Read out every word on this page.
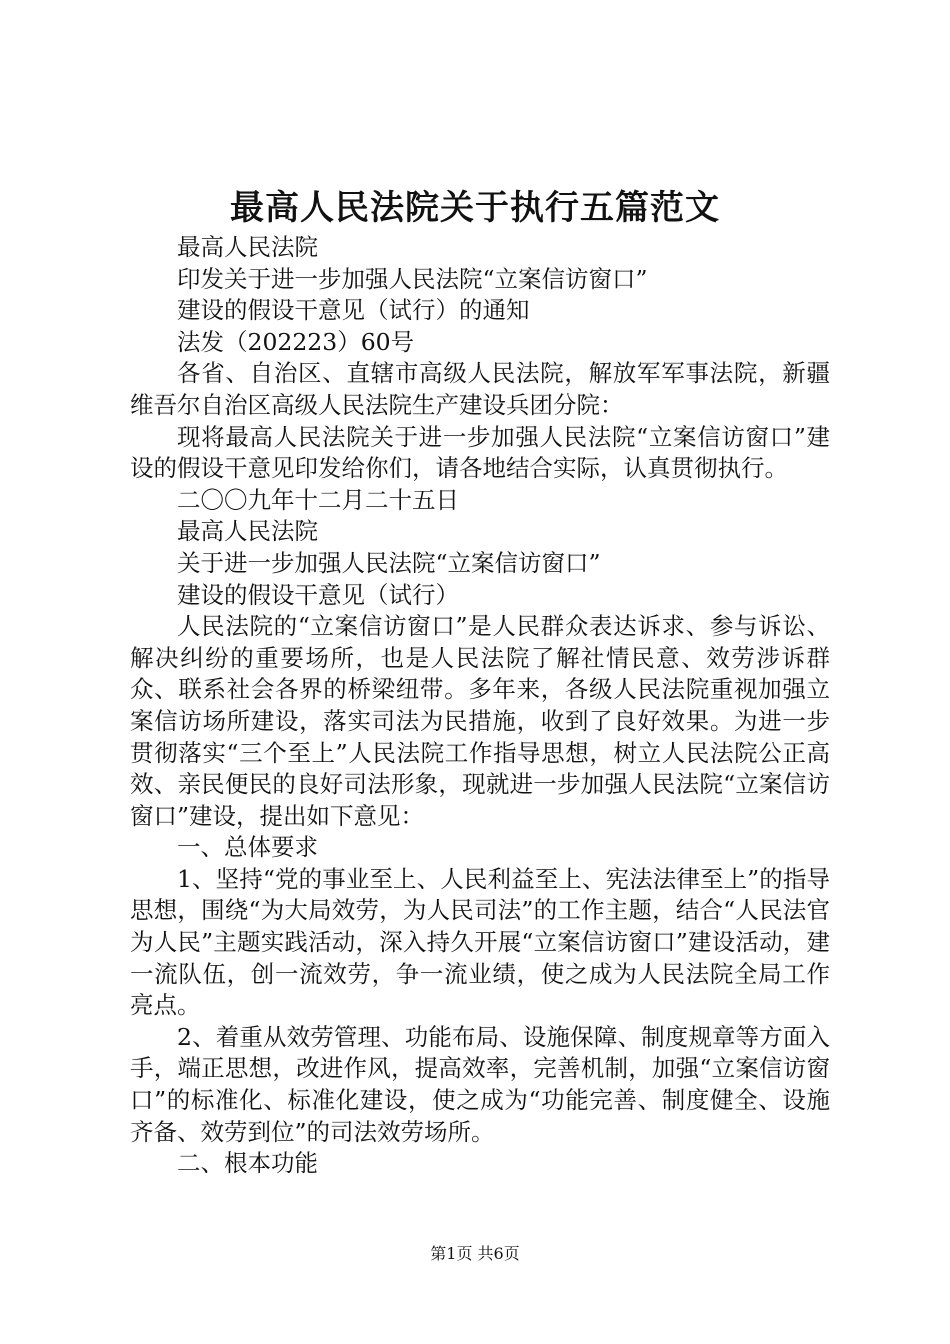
最高人民法院关于执行五篇范文

最高人民法院

印发关于进一步加强人民法院“立案信访窗口”

建设的假设干意见（试行）的通知

法发（202223）60号

各省、自治区、直辖市高级人民法院，解放军军事法院，新疆维吾尔自治区高级人民法院生产建设兵团分院：

现将最高人民法院关于进一步加强人民法院“立案信访窗口”建设的假设干意见印发给你们，请各地结合实际，认真贯彻执行。

二〇〇九年十二月二十五日

最高人民法院

关于进一步加强人民法院“立案信访窗口”

建设的假设干意见（试行）

人民法院的“立案信访窗口”是人民群众表达诉求、参与诉讼、解决纠纷的重要场所，也是人民法院了解社情民意、效劳涉诉群众、联系社会各界的桥梁纽带。多年来，各级人民法院重视加强立案信访场所建设，落实司法为民措施，收到了良好效果。为进一步贯彻落实“三个至上”人民法院工作指导思想，树立人民法院公正高效、亲民便民的良好司法形象，现就进一步加强人民法院“立案信访窗口”建设，提出如下意见：

一、总体要求

1、坚持“党的事业至上、人民利益至上、宪法法律至上”的指导思想，围绕“为大局效劳，为人民司法”的工作主题，结合“人民法官为人民”主题实践活动，深入持久开展“立案信访窗口”建设活动，建一流队伍，创一流效劳，争一流业绩，使之成为人民法院全局工作亮点。

2、着重从效劳管理、功能布局、设施保障、制度规章等方面入手，端正思想，改进作风，提高效率，完善机制，加强“立案信访窗口”的标准化、标准化建设，使之成为“功能完善、制度健全、设施齐备、效劳到位”的司法效劳场所。

二、根本功能

第1页 共6页
